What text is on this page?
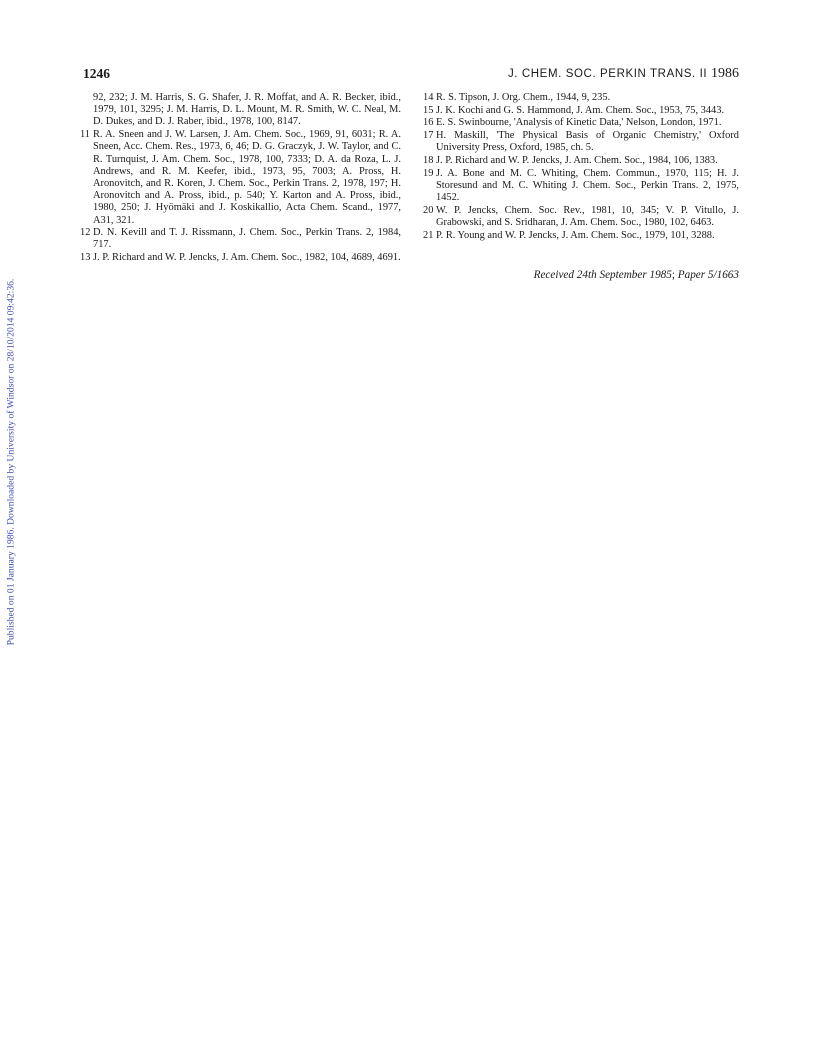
Published on 01 January 1986. Downloaded by University of Windsor on 28/10/2014 09:42:36.
1246	J. CHEM. SOC. PERKIN TRANS. II 1986
92, 232; J. M. Harris, S. G. Shafer, J. R. Moffat, and A. R. Becker, ibid., 1979, 101, 3295; J. M. Harris, D. L. Mount, M. R. Smith, W. C. Neal, M. D. Dukes, and D. J. Raber, ibid., 1978, 100, 8147.
11 R. A. Sneen and J. W. Larsen, J. Am. Chem. Soc., 1969, 91, 6031; R. A. Sneen, Acc. Chem. Res., 1973, 6, 46; D. G. Graczyk, J. W. Taylor, and C. R. Turnquist, J. Am. Chem. Soc., 1978, 100, 7333; D. A. da Roza, L. J. Andrews, and R. M. Keefer, ibid., 1973, 95, 7003; A. Pross, H. Aronovitch, and R. Koren, J. Chem. Soc., Perkin Trans. 2, 1978, 197; H. Aronovitch and A. Pross, ibid., p. 540; Y. Karton and A. Pross, ibid., 1980, 250; J. Hyömäki and J. Koskikallio, Acta Chem. Scand., 1977, A31, 321.
12 D. N. Kevill and T. J. Rissmann, J. Chem. Soc., Perkin Trans. 2, 1984, 717.
13 J. P. Richard and W. P. Jencks, J. Am. Chem. Soc., 1982, 104, 4689, 4691.
14 R. S. Tipson, J. Org. Chem., 1944, 9, 235.
15 J. K. Kochi and G. S. Hammond, J. Am. Chem. Soc., 1953, 75, 3443.
16 E. S. Swinbourne, 'Analysis of Kinetic Data,' Nelson, London, 1971.
17 H. Maskill, 'The Physical Basis of Organic Chemistry,' Oxford University Press, Oxford, 1985, ch. 5.
18 J. P. Richard and W. P. Jencks, J. Am. Chem. Soc., 1984, 106, 1383.
19 J. A. Bone and M. C. Whiting, Chem. Commun., 1970, 115; H. J. Storesund and M. C. Whiting J. Chem. Soc., Perkin Trans. 2, 1975, 1452.
20 W. P. Jencks, Chem. Soc. Rev., 1981, 10, 345; V. P. Vitullo, J. Grabowski, and S. Sridharan, J. Am. Chem. Soc., 1980, 102, 6463.
21 P. R. Young and W. P. Jencks, J. Am. Chem. Soc., 1979, 101, 3288.
Received 24th September 1985; Paper 5/1663
